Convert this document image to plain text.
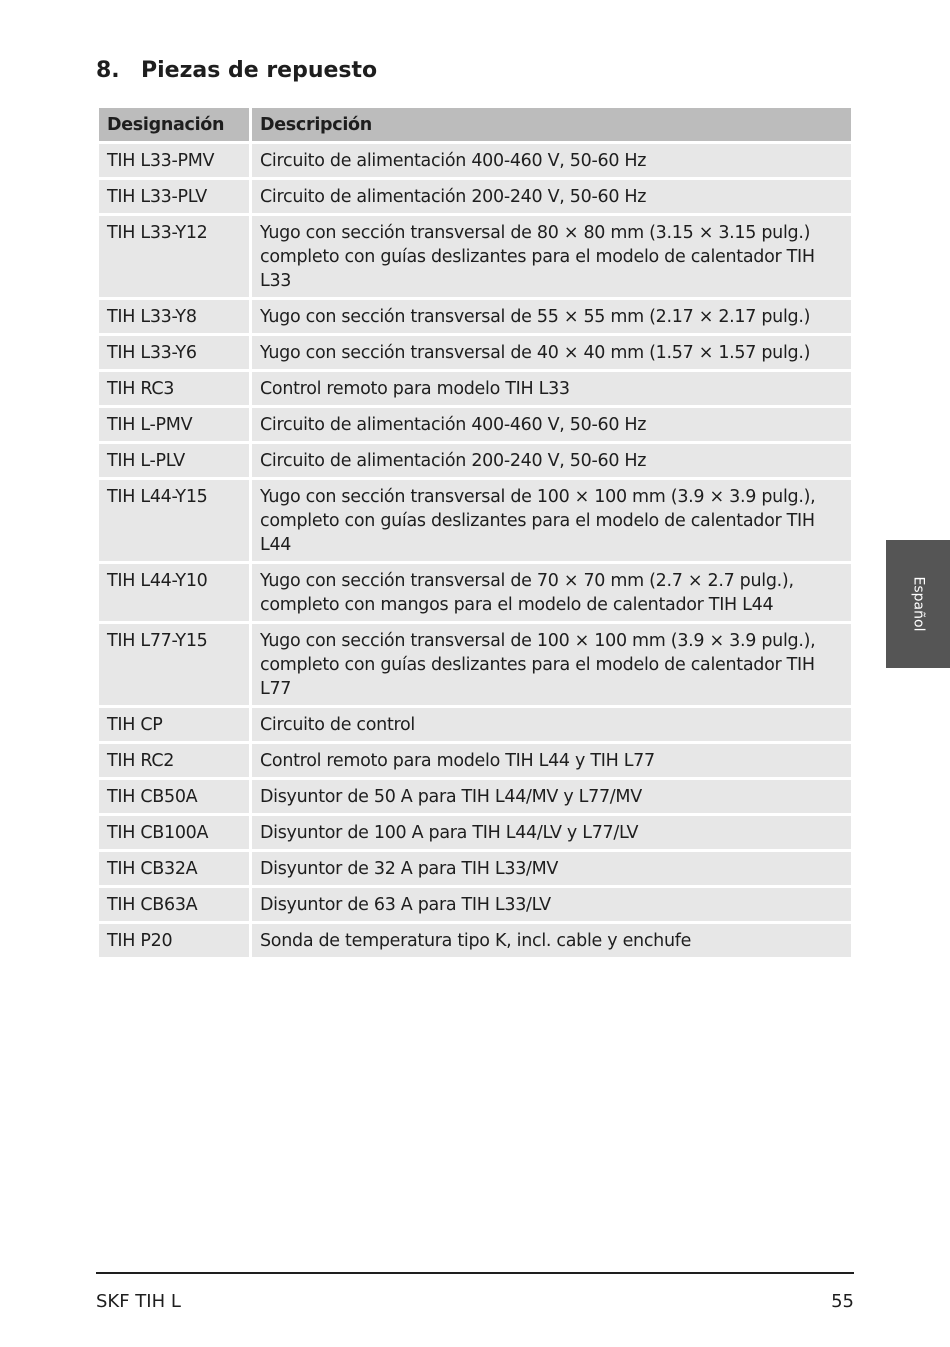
8. Piezas de repuesto
Designación	Descripción
TIH L33-PMV	Circuito de alimentación 400-460 V, 50-60 Hz
TIH L33-PLV	Circuito de alimentación 200-240 V, 50-60 Hz
TIH L33-Y12	Yugo con sección transversal de 80 × 80 mm (3.15 × 3.15 pulg.) completo con guías deslizantes para el modelo de calentador TIH L33
TIH L33-Y8	Yugo con sección transversal de 55 × 55 mm (2.17 × 2.17 pulg.)
TIH L33-Y6	Yugo con sección transversal de 40 × 40 mm (1.57 × 1.57 pulg.)
TIH RC3	Control remoto para modelo TIH L33
TIH L-PMV	Circuito de alimentación 400-460 V, 50-60 Hz
TIH L-PLV	Circuito de alimentación 200-240 V, 50-60 Hz
TIH L44-Y15	Yugo con sección transversal de 100 × 100 mm (3.9 × 3.9 pulg.), completo con guías deslizantes para el modelo de calentador TIH L44
TIH L44-Y10	Yugo con sección transversal de 70 × 70 mm (2.7 × 2.7 pulg.), completo con mangos para el modelo de calentador TIH L44
TIH L77-Y15	Yugo con sección transversal de 100 × 100 mm (3.9 × 3.9 pulg.), completo con guías deslizantes para el modelo de calentador TIH L77
TIH CP	Circuito de control
TIH RC2	Control remoto para modelo TIH L44 y TIH L77
TIH CB50A	Disyuntor de 50 A para TIH L44/MV y L77/MV
TIH CB100A	Disyuntor de 100 A para TIH L44/LV y L77/LV
TIH CB32A	Disyuntor de 32 A para TIH L33/MV
TIH CB63A	Disyuntor de 63 A para TIH L33/LV
TIH P20	Sonda de temperatura tipo K, incl. cable y enchufe
Español
SKF TIH L	55
